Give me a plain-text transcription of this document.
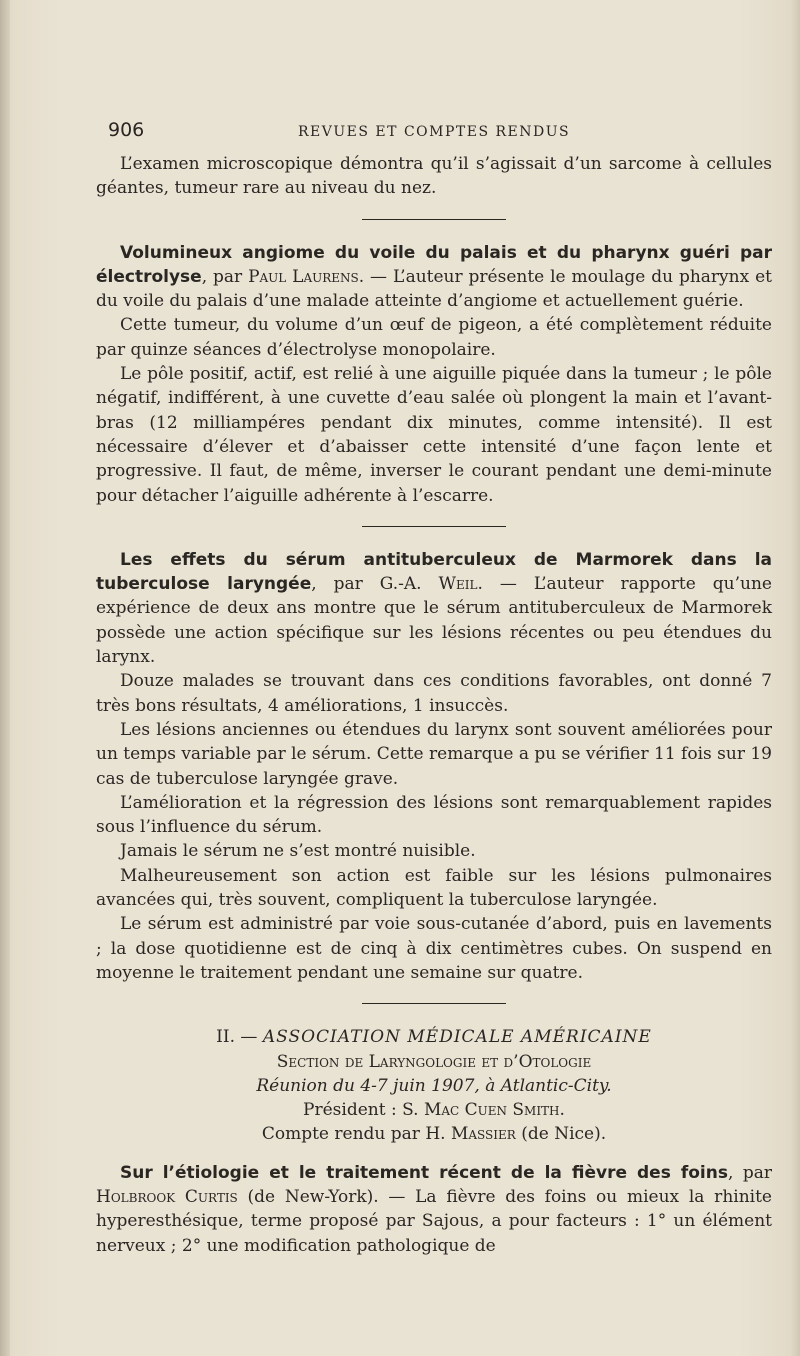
906	REVUES ET COMPTES RENDUS

L’examen microscopique démontra qu’il s’agissait d’un sarcome à cellules géantes, tumeur rare au niveau du nez.

Volumineux angiome du voile du palais et du pharynx guéri par électrolyse, par Paul Laurens. — L’auteur présente le moulage du pharynx et du voile du palais d’une malade atteinte d’angiome et actuellement guérie.

Cette tumeur, du volume d’un œuf de pigeon, a été complètement réduite par quinze séances d’électrolyse monopolaire.

Le pôle positif, actif, est relié à une aiguille piquée dans la tumeur ; le pôle négatif, indifférent, à une cuvette d’eau salée où plongent la main et l’avant-bras (12 milliampéres pendant dix minutes, comme intensité). Il est nécessaire d’élever et d’abaisser cette intensité d’une façon lente et progressive. Il faut, de même, inverser le courant pendant une demi-minute pour détacher l’aiguille adhérente à l’escarre.

Les effets du sérum antituberculeux de Marmorek dans la tuberculose laryngée, par G.-A. Weil. — L’auteur rapporte qu’une expérience de deux ans montre que le sérum antituberculeux de Marmorek possède une action spécifique sur les lésions récentes ou peu étendues du larynx.

Douze malades se trouvant dans ces conditions favorables, ont donné 7 très bons résultats, 4 améliorations, 1 insuccès.

Les lésions anciennes ou étendues du larynx sont souvent améliorées pour un temps variable par le sérum. Cette remarque a pu se vérifier 11 fois sur 19 cas de tuberculose laryngée grave.

L’amélioration et la régression des lésions sont remarquablement rapides sous l’influence du sérum.

Jamais le sérum ne s’est montré nuisible.

Malheureusement son action est faible sur les lésions pulmonaires avancées qui, très souvent, compliquent la tuberculose laryngée.

Le sérum est administré par voie sous-cutanée d’abord, puis en lavements ; la dose quotidienne est de cinq à dix centimètres cubes. On suspend en moyenne le traitement pendant une semaine sur quatre.

II. — ASSOCIATION MÉDICALE AMÉRICAINE
Section de Laryngologie et d’Otologie
Réunion du 4-7 juin 1907, à Atlantic-City.
Président : S. Mac Cuen Smith.
Compte rendu par H. Massier (de Nice).

Sur l’étiologie et le traitement récent de la fièvre des foins, par Holbrook Curtis (de New-York). — La fièvre des foins ou mieux la rhinite hyperesthésique, terme proposé par Sajous, a pour facteurs : 1° un élément nerveux ; 2° une modification pathologique de
